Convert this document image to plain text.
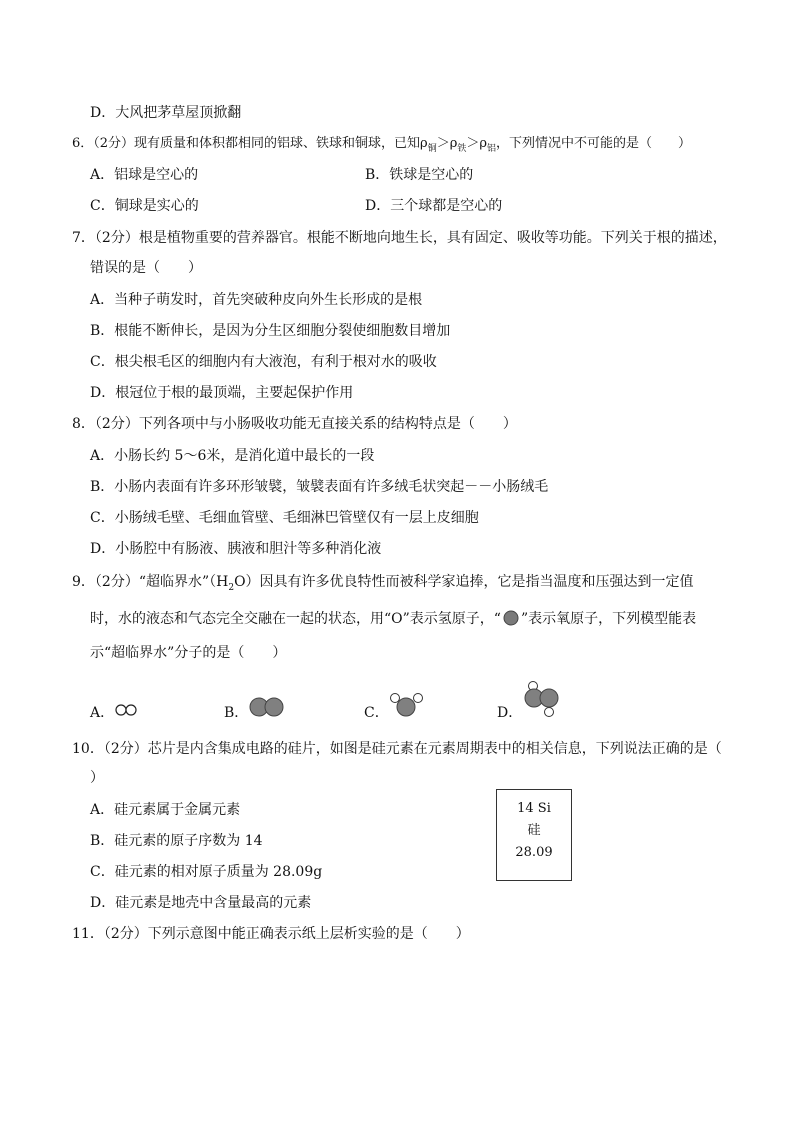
D．大风把茅草屋顶掀翻
6．（2分）现有质量和体积都相同的铝球、铁球和铜球，已知$\rho_铜>\rho_铁>\rho_铝$，下列情况中不可能的是（　　）
A．铝球是空心的	B．铁球是空心的
C．铜球是实心的	D．三个球都是空心的
7．（2分）根是植物重要的营养器官。根能不断地向地生长，具有固定、吸收等功能。下列关于根的描述，
错误的是（　　）
A．当种子萌发时，首先突破种皮向外生长形成的是根
B．根能不断伸长，是因为分生区细胞分裂使细胞数目增加
C．根尖根毛区的细胞内有大液泡，有利于根对水的吸收
D．根冠位于根的最顶端，主要起保护作用
8．（2分）下列各项中与小肠吸收功能无直接关系的结构特点是（　　）
A．小肠长约 5～6米，是消化道中最长的一段
B．小肠内表面有许多环形皱襞，皱襞表面有许多绒毛状突起－－小肠绒毛
C．小肠绒毛壁、毛细血管壁、毛细淋巴管壁仅有一层上皮细胞
D．小肠腔中有肠液、胰液和胆汁等多种消化液
9．（2分）“超临界水$”(H_2O)$因具有许多优良特性而被科学家追捧，它是指当温度和压强达到一定值
时，水的液态和气态完全交融在一起的状态，用“O”表示氢原子，“ ”表示氧原子，下列模型能表
示“超临界水”分子的是（　　）
A．	B．	C．	D．
10．（2分）芯片是内含集成电路的硅片，如图是硅元素在元素周期表中的相关信息，下列说法正确的是（
）
A．硅元素属于金属元素
B．硅元素的原子序数为 14
C．硅元素的相对原子质量为 28.09g
D．硅元素是地壳中含量最高的元素
14 Si
硅
28.09
11．（2分）下列示意图中能正确表示纸上层析实验的是（　　）
